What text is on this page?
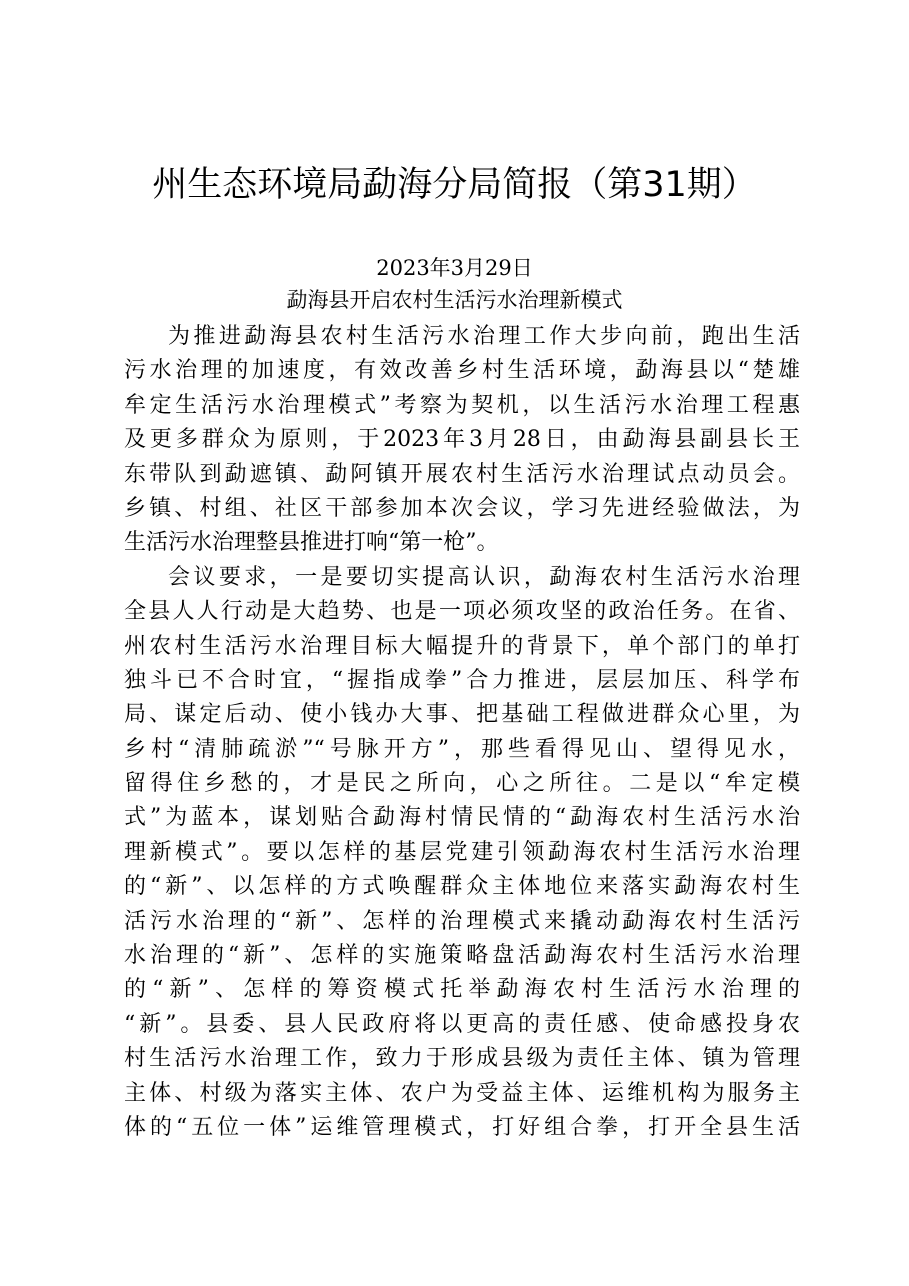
州生态环境局勐海分局简报（第31期）
2023年3月29日
勐海县开启农村生活污水治理新模式
为推进勐海县农村生活污水治理工作大步向前，跑出生活
污水治理的加速度，有效改善乡村生活环境，勐海县以“楚雄
牟定生活污水治理模式”考察为契机，以生活污水治理工程惠
及更多群众为原则，于2023年3月28日，由勐海县副县长王
东带队到勐遮镇、勐阿镇开展农村生活污水治理试点动员会。
乡镇、村组、社区干部参加本次会议，学习先进经验做法，为
生活污水治理整县推进打响“第一枪”。
会议要求，一是要切实提高认识，勐海农村生活污水治理
全县人人行动是大趋势、也是一项必须攻坚的政治任务。在省、
州农村生活污水治理目标大幅提升的背景下，单个部门的单打
独斗已不合时宜，“握指成拳”合力推进，层层加压、科学布
局、谋定后动、使小钱办大事、把基础工程做进群众心里，为
乡村“清肺疏淤”“号脉开方”，那些看得见山、望得见水，
留得住乡愁的，才是民之所向，心之所往。二是以“牟定模
式”为蓝本，谋划贴合勐海村情民情的“勐海农村生活污水治
理新模式”。要以怎样的基层党建引领勐海农村生活污水治理
的“新”、以怎样的方式唤醒群众主体地位来落实勐海农村生
活污水治理的“新”、怎样的治理模式来撬动勐海农村生活污
水治理的“新”、怎样的实施策略盘活勐海农村生活污水治理
的“新”、怎样的筹资模式托举勐海农村生活污水治理的
“新”。县委、县人民政府将以更高的责任感、使命感投身农
村生活污水治理工作，致力于形成县级为责任主体、镇为管理
主体、村级为落实主体、农户为受益主体、运维机构为服务主
体的“五位一体”运维管理模式，打好组合拳，打开全县生活
